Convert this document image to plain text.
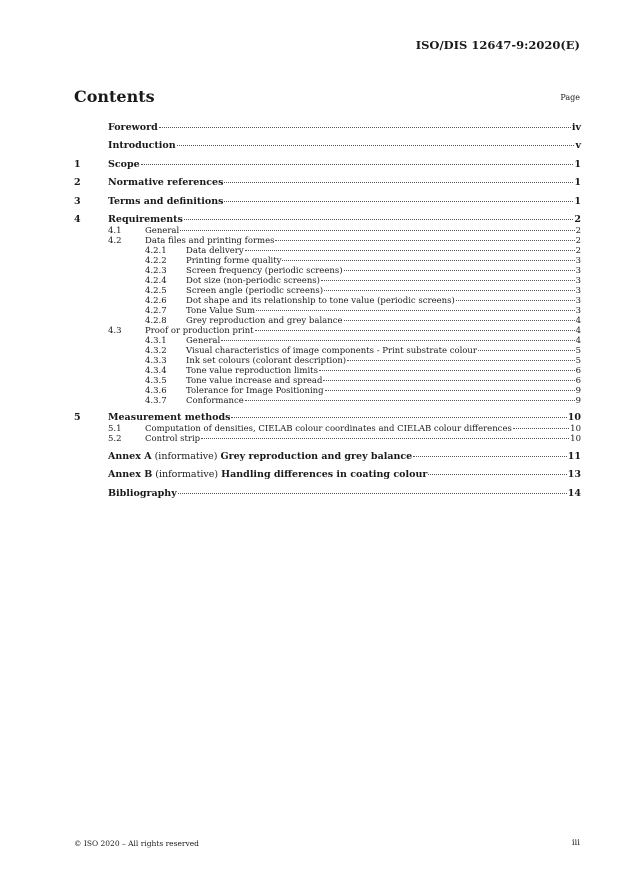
ISO/DIS 12647-9:2020(E)
Contents	Page
Foreword	iv
Introduction	v
1	Scope	1
2	Normative references	1
3	Terms and definitions	1
4	Requirements	2
4.1	General	2
4.2	Data files and printing formes	2
4.2.1	Data delivery	2
4.2.2	Printing forme quality	3
4.2.3	Screen frequency (periodic screens)	3
4.2.4	Dot size (non-periodic screens)	3
4.2.5	Screen angle (periodic screens)	3
4.2.6	Dot shape and its relationship to tone value (periodic screens)	3
4.2.7	Tone Value Sum	3
4.2.8	Grey reproduction and grey balance	4
4.3	Proof or production print	4
4.3.1	General	4
4.3.2	Visual characteristics of image components - Print substrate colour	5
4.3.3	Ink set colours (colorant description)	5
4.3.4	Tone value reproduction limits	6
4.3.5	Tone value increase and spread	6
4.3.6	Tolerance for Image Positioning	9
4.3.7	Conformance	9
5	Measurement methods	10
5.1	Computation of densities, CIELAB colour coordinates and CIELAB colour differences	10
5.2	Control strip	10
Annex A (informative) Grey reproduction and grey balance	11
Annex B (informative) Handling differences in coating colour	13
Bibliography	14
© ISO 2020 – All rights reserved	iii
